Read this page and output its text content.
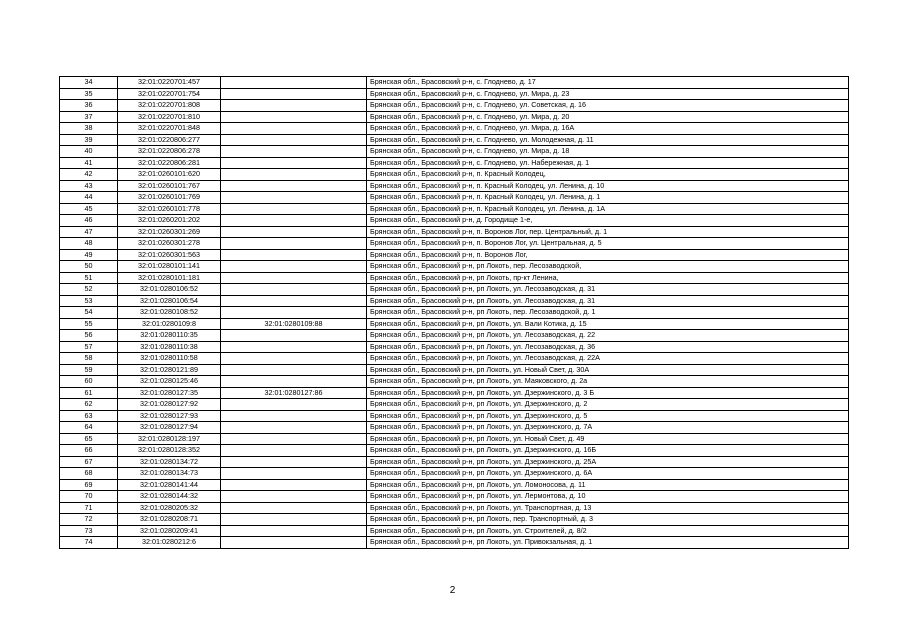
34	32:01:0220701:457		Брянская обл., Брасовский р-н, с. Глоднево, д. 17
35	32:01:0220701:754		Брянская обл., Брасовский р-н, с. Глоднево, ул. Мира, д. 23
36	32:01:0220701:808		Брянская обл., Брасовский р-н, с. Глоднево, ул. Советская, д. 16
37	32:01:0220701:810		Брянская обл., Брасовский р-н, с. Глоднево, ул. Мира, д. 20
38	32:01:0220701:848		Брянская обл., Брасовский р-н, с. Глоднево, ул. Мира, д. 16А
39	32:01:0220806:277		Брянская обл., Брасовский р-н, с. Глоднево, ул. Молодежная, д. 11
40	32:01:0220806:278		Брянская обл., Брасовский р-н, с. Глоднево, ул. Мира, д. 18
41	32:01:0220806:281		Брянская обл., Брасовский р-н, с. Глоднево, ул. Набережная, д. 1
42	32:01:0260101:620		Брянская обл., Брасовский р-н, п. Красный Колодец,
43	32:01:0260101:767		Брянская обл., Брасовский р-н, п. Красный Колодец, ул. Ленина, д. 10
44	32:01:0260101:769		Брянская обл., Брасовский р-н, п. Красный Колодец, ул. Ленина, д. 1
45	32:01:0260101:778		Брянская обл., Брасовский р-н, п. Красный Колодец, ул. Ленина, д. 1А
46	32:01:0260201:202		Брянская обл., Брасовский р-н, д. Городище 1-е,
47	32:01:0260301:269		Брянская обл., Брасовский р-н, п. Воронов Лог, пер. Центральный, д. 1
48	32:01:0260301:278		Брянская обл., Брасовский р-н, п. Воронов Лог, ул. Центральная, д. 5
49	32:01:0260301:563		Брянская обл., Брасовский р-н, п. Воронов Лог,
50	32:01:0280101:141		Брянская обл., Брасовский р-н, рп Локоть, пер. Лесозаводской,
51	32:01:0280101:181		Брянская обл., Брасовский р-н, рп Локоть, пр-кт Ленина,
52	32:01:0280106:52		Брянская обл., Брасовский р-н, рп Локоть, ул. Лесозаводская, д. 31
53	32:01:0280106:54		Брянская обл., Брасовский р-н, рп Локоть, ул. Лесозаводская, д. 31
54	32:01:0280108:52		Брянская обл., Брасовский р-н, рп Локоть, пер. Лесозаводской, д. 1
55	32:01:0280109:8	32:01:0280109:88	Брянская обл., Брасовский р-н, рп Локоть, ул. Вали Котика, д. 15
56	32:01:0280110:35		Брянская обл., Брасовский р-н, рп Локоть, ул. Лесозаводская, д. 22
57	32:01:0280110:38		Брянская обл., Брасовский р-н, рп Локоть, ул. Лесозаводская, д. 36
58	32:01:0280110:58		Брянская обл., Брасовский р-н, рп Локоть, ул. Лесозаводская, д. 22А
59	32:01:0280121:89		Брянская обл., Брасовский р-н, рп Локоть, ул. Новый Свет, д. 30А
60	32:01:0280125:46		Брянская обл., Брасовский р-н, рп Локоть, ул. Маяковского, д. 2а
61	32:01:0280127:35	32:01:0280127:86	Брянская обл., Брасовский р-н, рп Локоть, ул. Дзержинского, д. 3 Б
62	32:01:0280127:92		Брянская обл., Брасовский р-н, рп Локоть, ул. Дзержинского, д. 2
63	32:01:0280127:93		Брянская обл., Брасовский р-н, рп Локоть, ул. Дзержинского, д. 5
64	32:01:0280127:94		Брянская обл., Брасовский р-н, рп Локоть, ул. Дзержинского, д. 7А
65	32:01:0280128:197		Брянская обл., Брасовский р-н, рп Локоть, ул. Новый Свет, д. 49
66	32:01:0280128:352		Брянская обл., Брасовский р-н, рп Локоть, ул. Дзержинского, д. 16Б
67	32:01:0280134:72		Брянская обл., Брасовский р-н, рп Локоть, ул. Дзержинского, д. 25А
68	32:01:0280134:73		Брянская обл., Брасовский р-н, рп Локоть, ул. Дзержинского, д. 6А
69	32:01:0280141:44		Брянская обл., Брасовский р-н, рп Локоть, ул. Ломоносова, д. 11
70	32:01:0280144:32		Брянская обл., Брасовский р-н, рп Локоть, ул. Лермонтова, д. 10
71	32:01:0280205:32		Брянская обл., Брасовский р-н, рп Локоть, ул. Транспортная, д. 13
72	32:01:0280208:71		Брянская обл., Брасовский р-н, рп Локоть, пер. Транспортный, д. 3
73	32:01:0280209:41		Брянская обл., Брасовский р-н, рп Локоть, ул. Строителей, д. 8/2
74	32:01:0280212:6		Брянская обл., Брасовский р-н, рп Локоть, ул. Привокзальная, д. 1
2
